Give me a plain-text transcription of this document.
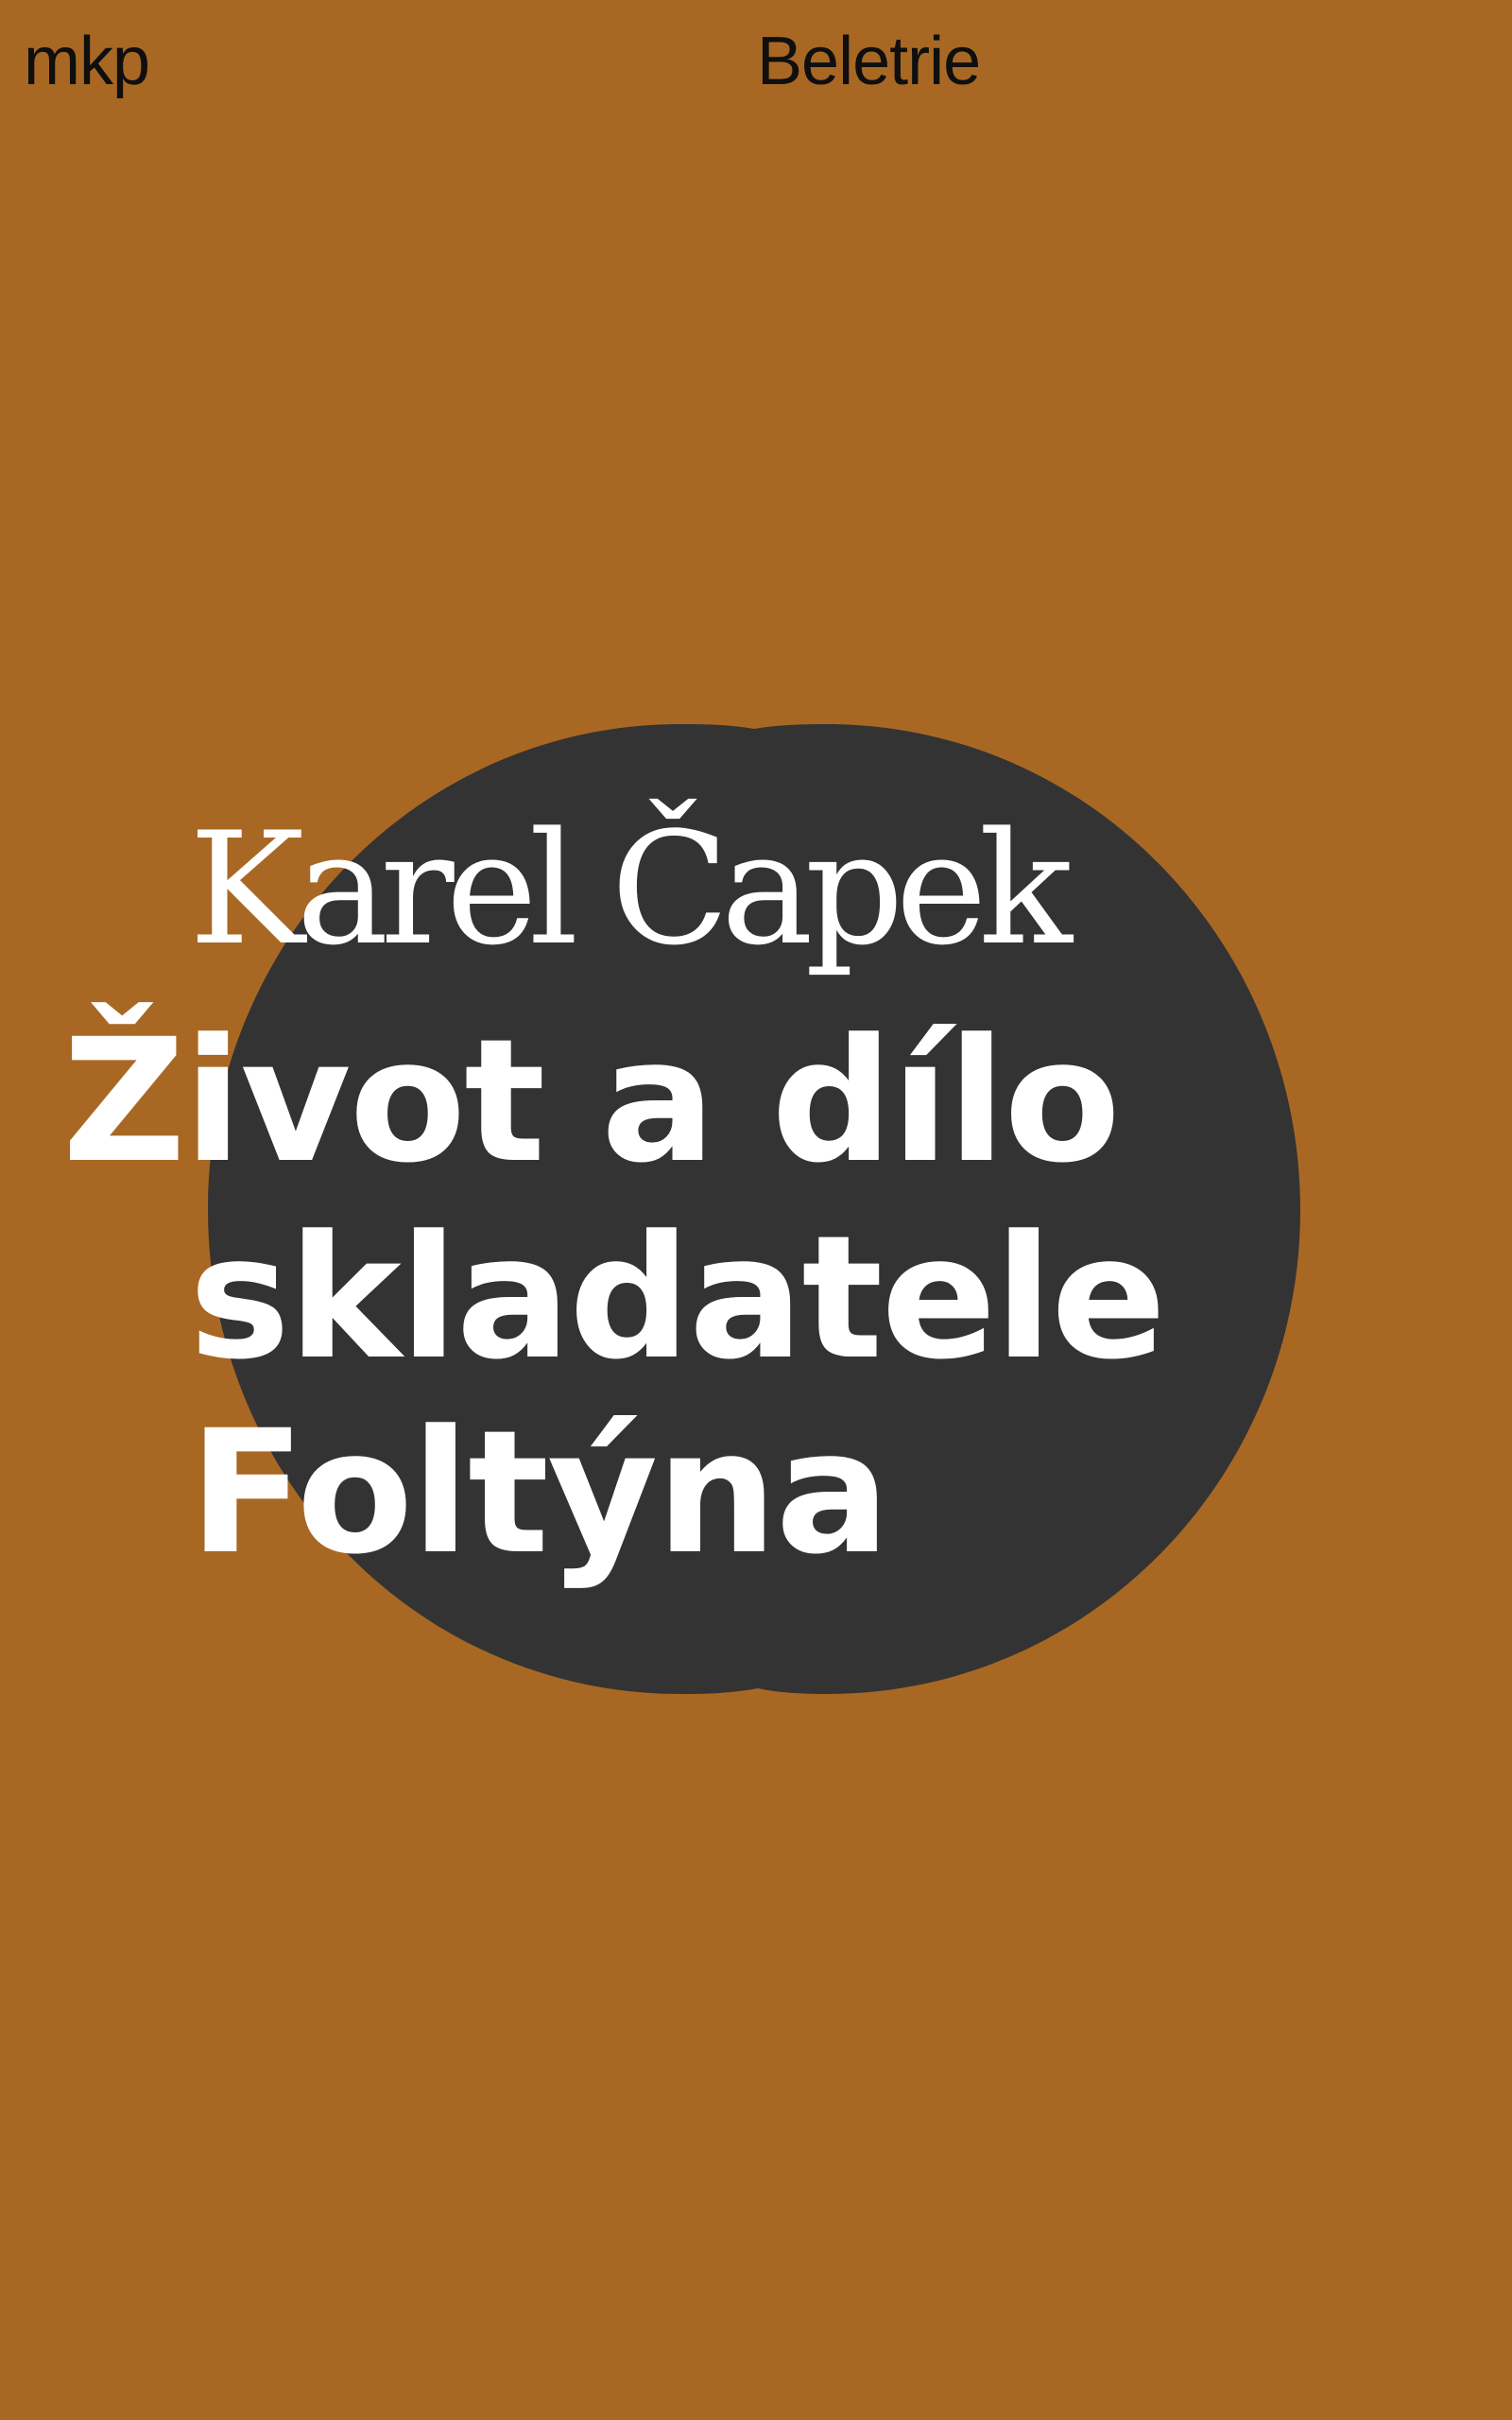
mkp	Beletrie

Karel Čapek
Život a dílo
skladatele
Foltýna
